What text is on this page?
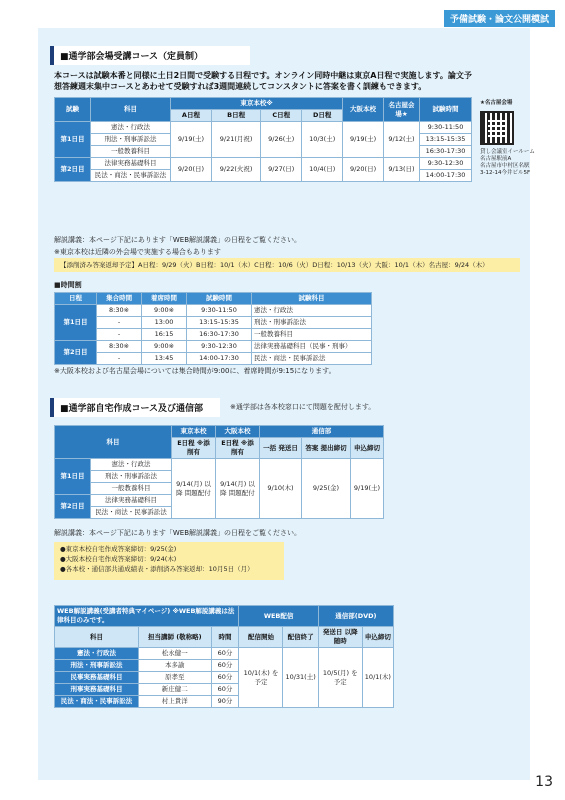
予備試験・論文公開模試
■通学部会場受講コース（定員制）
本コースは試験本番と同様に土日2日間で受験する日程です。オンライン同時中継は東京A日程で実施します。論文予想答練週末集中コースとあわせて受験すれば3週間連続してコンスタントに答案を書く訓練もできます。
試験	科目	東京本校※				大阪本校	名古屋会場★	試験時間
		A日程	B日程	C日程	D日程			
第1日目	憲法・行政法	9/19(土)	9/21(月祝)	9/26(土)	10/3(土)	9/19(土)	9/12(土)	9:30-11:50
	刑法・刑事訴訟法							13:15-15:35

	一般教養科目							16:30-17:30
第2日目	法律実務基礎科目	9/20(日)	9/22(火祝)	9/27(日)	10/4(日)	9/20(日)	9/13(日)	9:30-12:30
	民法・商法・民事訴訟法							14:00-17:30
★名古屋会場
貸し会議室イールーム名古屋駅前A
名古屋市中村区名駅
3-12-14今井ビル5F
解説講義：本ページ下記にあります「WEB解説講義」の日程をご覧ください。
※東京本校は近隣の外会場で実施する場合もあります
【添削済み答案返却予定】A日程：9/29（火）B日程：10/1（木）C日程：10/6（火）D日程：10/13（火）大阪：10/1（木）名古屋：9/24（木）
■時間割
日程	集合時間	着席時間	試験時間	試験科目
第1日目	8:30※	9:00※	9:30-11:50	憲法・行政法
	-	13:00	13:15-15:35	刑法・刑事訴訟法
	-	16:15	16:30-17:30	一般教養科目
第2日目	8:30※	9:00※	9:30-12:30	法律実務基礎科目（民事・刑事）
	-	13:45	14:00-17:30	民法・商法・民事訴訟法
※大阪本校および名古屋会場については集合時間が9:00に、着席時間が9:15になります。
■通学部自宅作成コース及び通信部	※通学部は各本校窓口にて問題を配付します。
科目		東京本校	大阪本校	通信部		
		E日程 ※添削有	E日程 ※添削有	一括 発送日	答案 提出締切	申込締切
第1日目	憲法・行政法	9/14(月) 以降 問題配付	9/14(月) 以降 問題配付	9/10(木)	9/25(金)	9/19(土)
	刑法・刑事訴訟法					
	一般教養科目					
第2日目	法律実務基礎科目					
	民法・商法・民事訴訟法					
解説講義：本ページ下記にあります「WEB解説講義」の日程をご覧ください。
●東京本校自宅作成答案締切：9/25(金)
●大阪本校自宅作成答案締切：9/24(木)
●各本校・通信部共通成績表・添削済み答案返却：10月5日（月）
WEB解説講義(受講者特典マイページ) ※WEB解説講義は法律科目のみです。			WEB配信		通信部(DVD)	
科目	担当講師 (敬称略)	時間	配信開始	配信終了	発送日 以降随時	申込締切
憲法・行政法	松永健一	60分	10/1(木) を予定	10/31(土)	10/5(月) を予定	10/1(木)
刑法・刑事訴訟法	本多諭	60分				
民事実務基礎科目	原孝至	60分				
刑事実務基礎科目	新庄健二	60分				
民法・商法・民事訴訟法	村上貴洋	90分				
13
